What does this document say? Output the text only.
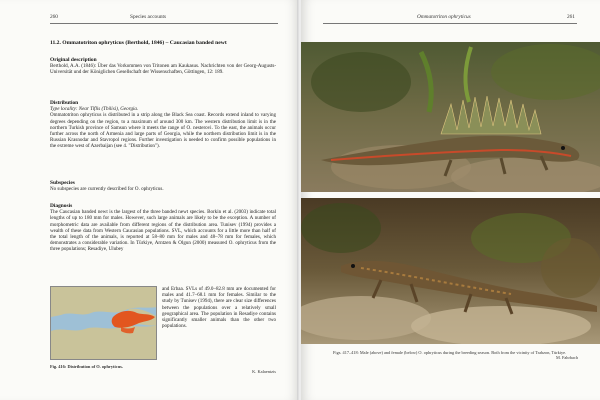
260	Species accounts
11.2. Ommatotriton ophryticus (Berthold, 1846) – Caucasian banded newt
Original description

Berthold, A.A. (1846): Über das Vorkommen von Tritonen am Kaukasus. Nachrichten von der Georg-Augusts-Universität und der Königlichen Gesellschaft der Wissenschaften, Göttingen, 12: 189.

Distribution

Type locality: Near Tiflis (Tbilisi), Georgia.

Ommatotriton ophryticus is distributed in a strip along the Black Sea coast. Records extend inland to varying degrees depending on the region, to a maximum of around 300 km. The western distribution limit is in the northern Turkish province of Samsun where it meets the range of O. nesterovi. To the east, the animals occur further across the north of Armenia and large parts of Georgia, while the northern distribution limit is in the Russian Krasnodar and Stavropol regions. Further investigation is needed to confirm possible populations in the extreme west of Azerbaijan (see 4. "Distribution").

Subspecies

No subspecies are currently described for O. ophryticus.

Diagnosis

The Caucasian banded newt is the largest of the three banded newt species. Borkin et al. (2003) indicate total lengths of up to 180 mm for males. However, such large animals are likely to be the exception. A number of morphometric data are available from different regions of the distribution area. Tunisev (1994) provides a wealth of these data from Western Caucasian populations. SVL, which accounts for a little more than half of the total length of the animals, is reported at 58–80 mm for males and 48–78 mm for females, which demonstrates a considerable variation. In Türkiye, Arntzen & Olgun (2000) measured O. ophryticus from the three populations; Resadiye, Ulubey

and Erbaa. SVLs of 49.0–82.8 mm are documented for males and 41.7–68.1 mm for females. Similar to the study by Tunisev (1994), there are clear size differences between the populations over a relatively small geographical area. The population in Resadiye contains significantly smaller animals than the other two populations.

Fig. 416: Distribution of O. ophryticus.
K. Kalaentzis
Ommatotriton ophryticus	261

Figs. 417–418: Male (above) and female (below) O. ophryticus during the breeding season. Both from the vicinity of Trabzon, Türkiye.

M. Fahrbach
